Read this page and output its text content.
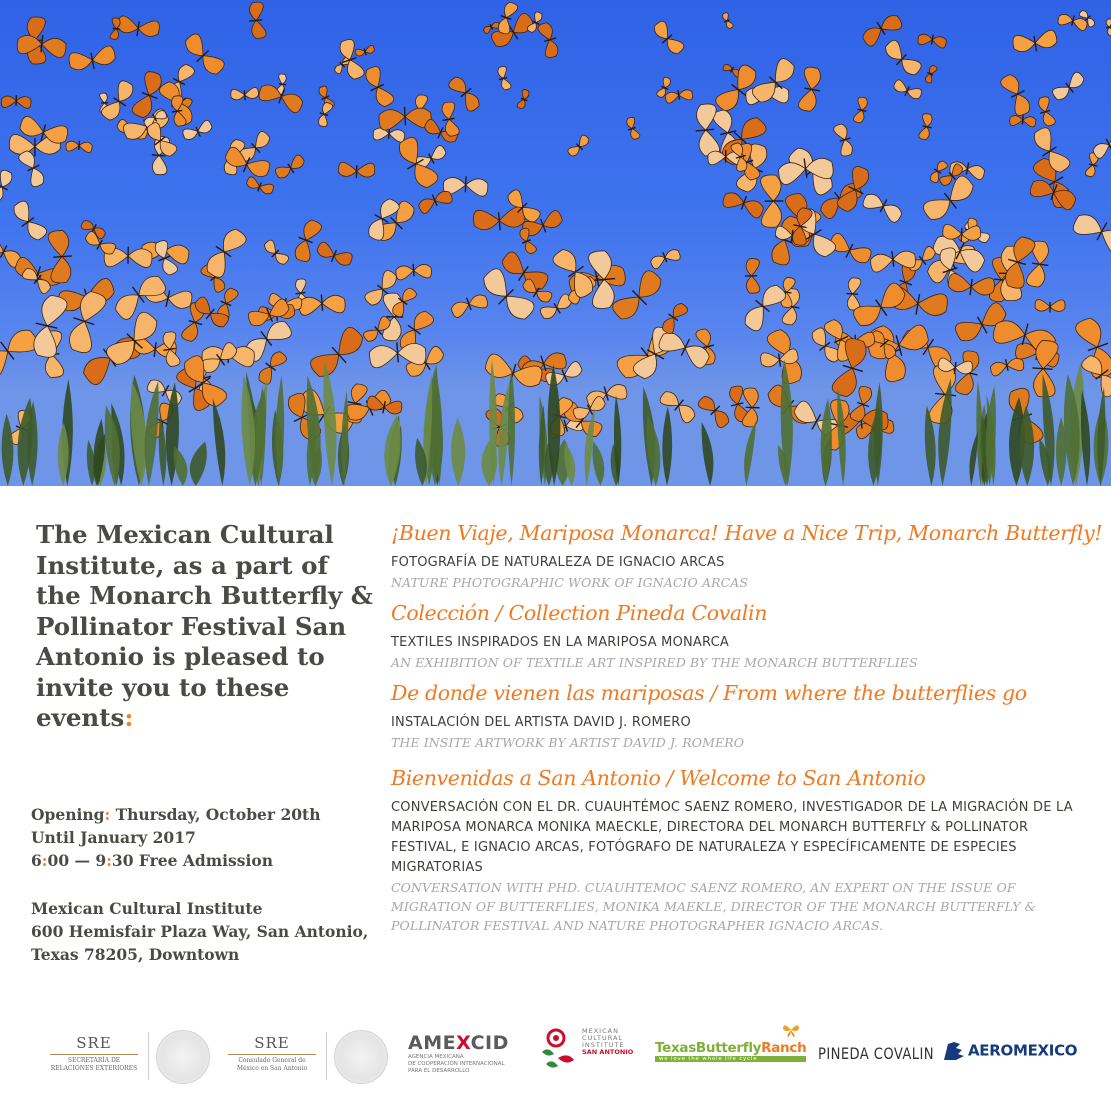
The Mexican Cultural Institute, as a part of the Monarch Butterfly & Pollinator Festival San Antonio is pleased to invite you to these events:

Opening: Thursday, October 20th
Until January 2017
6:00 — 9:30 Free Admission
Mexican Cultural Institute
600 Hemisfair Plaza Way, San Antonio,
Texas 78205, Downtown
¡Buen Viaje, Mariposa Monarca! Have a Nice Trip, Monarch Butterfly!
FOTOGRAFÍA DE NATURALEZA DE IGNACIO ARCAS
NATURE PHOTOGRAPHIC WORK OF IGNACIO ARCAS
Colección / Collection Pineda Covalin
TEXTILES INSPIRADOS EN LA MARIPOSA MONARCA
AN EXHIBITION OF TEXTILE ART INSPIRED BY THE MONARCH BUTTERFLIES
De donde vienen las mariposas / From where the butterflies go
INSTALACIÓN DEL ARTISTA DAVID J. ROMERO
THE INSITE ARTWORK BY ARTIST DAVID J. ROMERO
Bienvenidas a San Antonio / Welcome to San Antonio
CONVERSACIÓN CON EL DR. CUAUHTÉMOC SAENZ ROMERO, INVESTIGADOR DE LA MIGRACIÓN DE LA MARIPOSA MONARCA MONIKA MAECKLE, DIRECTORA DEL MONARCH BUTTERFLY & POLLINATOR FESTIVAL, E IGNACIO ARCAS, FOTÓGRAFO DE NATURALEZA Y ESPECÍFICAMENTE DE ESPECIES MIGRATORIAS
CONVERSATION WITH PHD. CUAUHTEMOC SAENZ ROMERO, AN EXPERT ON THE ISSUE OF MIGRATION OF BUTTERFLIES, MONIKA MAEKLE, DIRECTOR OF THE MONARCH BUTTERFLY & POLLINATOR FESTIVAL AND NATURE PHOTOGRAPHER IGNACIO ARCAS.
SRE
SECRETARÍA DE
RELACIONES EXTERIORES
SRE
Consulado General de
México en San Antonio
AMEXCID
AGENCIA MEXICANA
DE COOPERACIÓN INTERNACIONAL
PARA EL DESARROLLO
MEXICAN
CULTURAL
INSTITUTE
SAN ANTONIO TexasButterflyRanch
we love the whole life cycle	PINEDA COVALIN	AEROMEXICO
